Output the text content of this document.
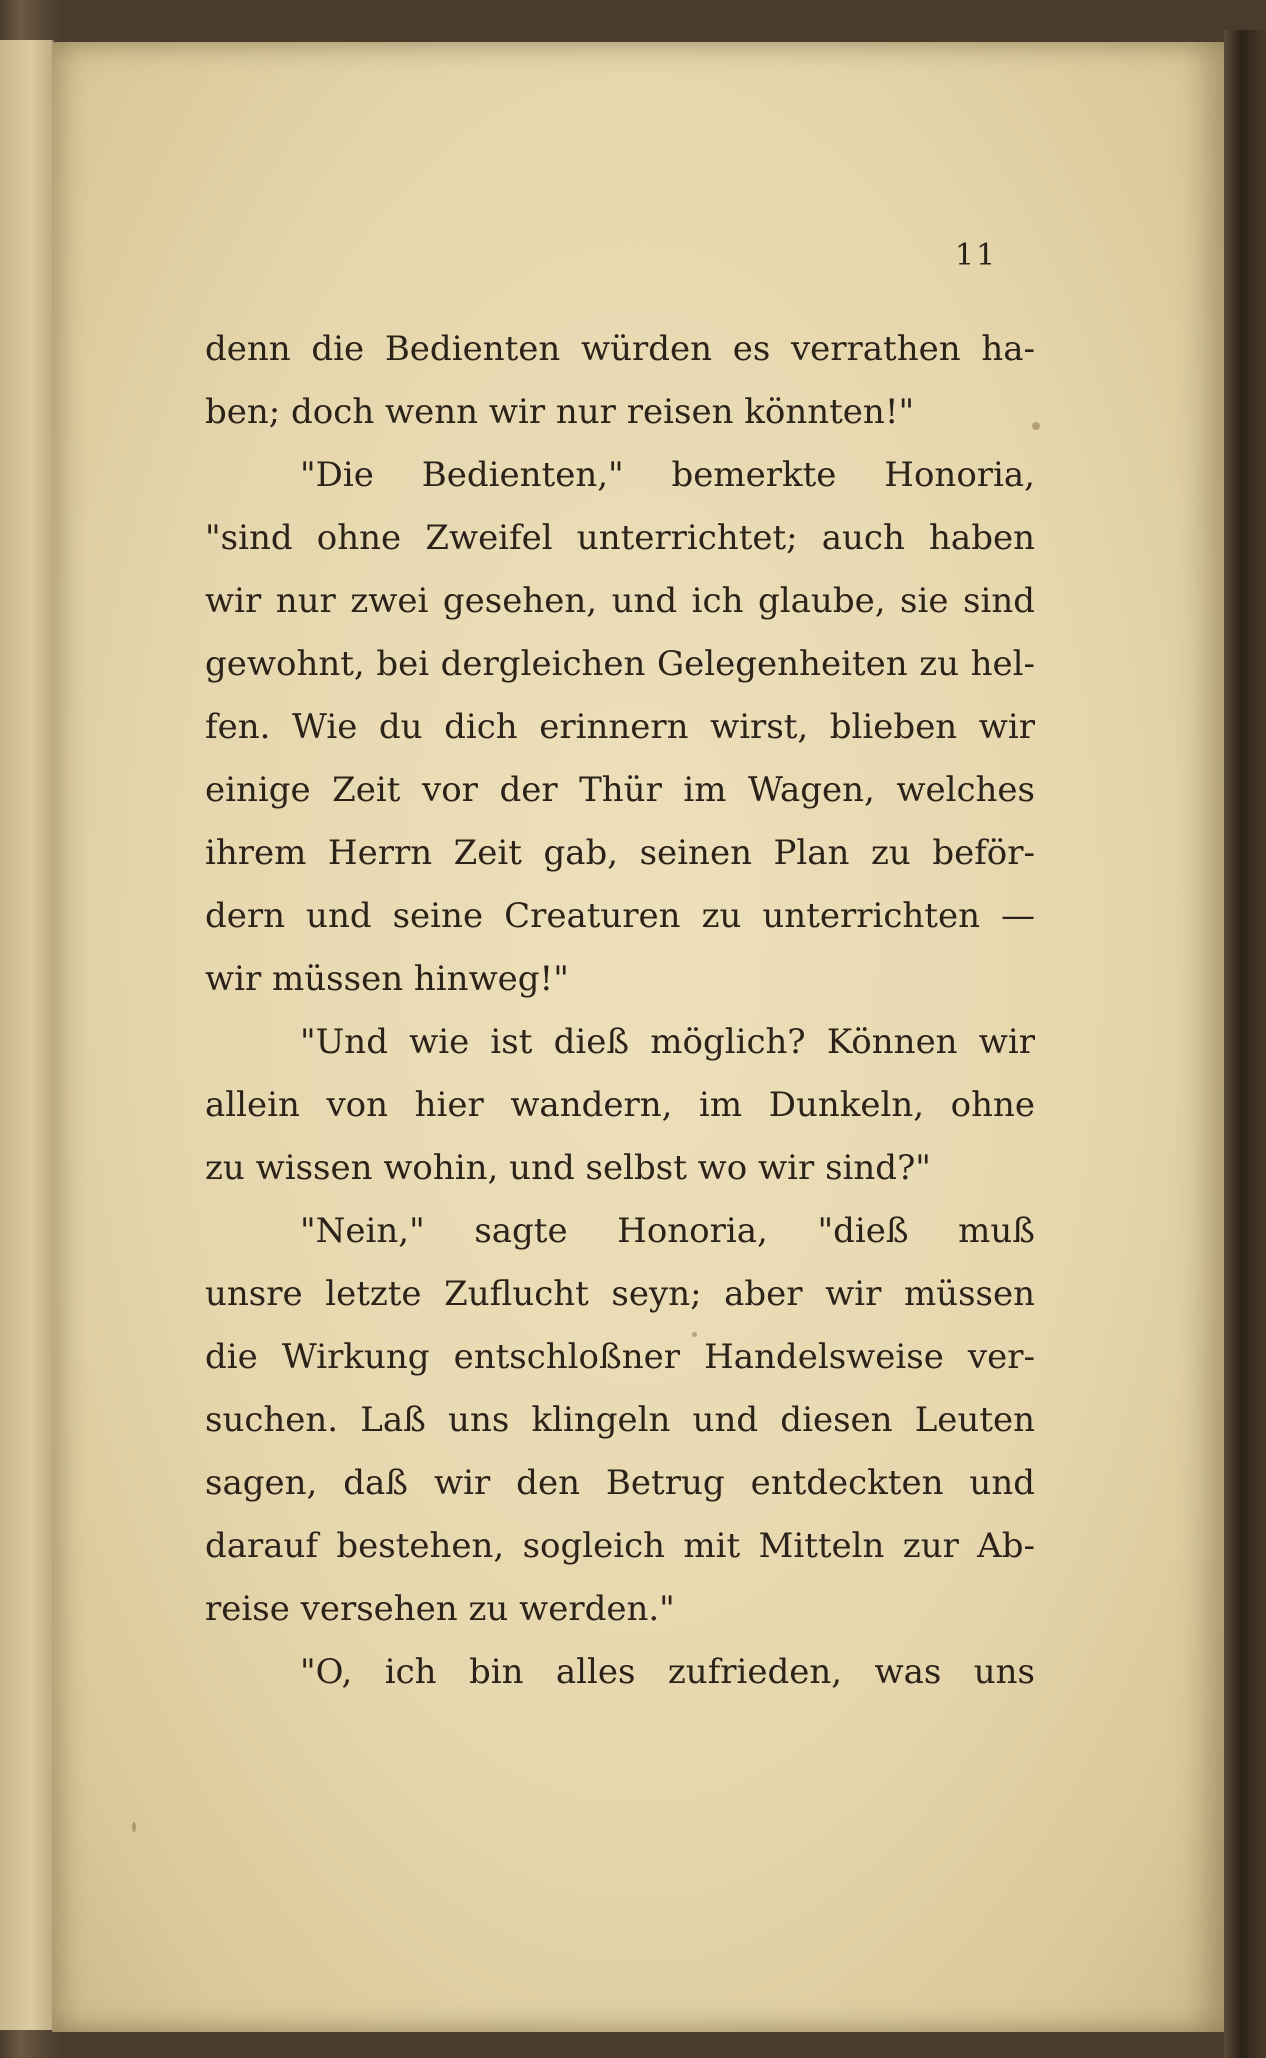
11
denn die Bedienten würden es verrathen ha-
ben; doch wenn wir nur reisen könnten!"
"Die Bedienten," bemerkte Honoria,
"sind ohne Zweifel unterrichtet; auch haben
wir nur zwei gesehen, und ich glaube, sie sind
gewohnt, bei dergleichen Gelegenheiten zu hel-
fen. Wie du dich erinnern wirst, blieben wir
einige Zeit vor der Thür im Wagen, welches
ihrem Herrn Zeit gab, seinen Plan zu beför-
dern und seine Creaturen zu unterrichten —
wir müssen hinweg!"
"Und wie ist dieß möglich? Können wir
allein von hier wandern, im Dunkeln, ohne
zu wissen wohin, und selbst wo wir sind?"
"Nein," sagte Honoria, "dieß muß
unsre letzte Zuflucht seyn; aber wir müssen
die Wirkung entschloßner Handelsweise ver-
suchen. Laß uns klingeln und diesen Leuten
sagen, daß wir den Betrug entdeckten und
darauf bestehen, sogleich mit Mitteln zur Ab-
reise versehen zu werden."
"O, ich bin alles zufrieden, was uns
